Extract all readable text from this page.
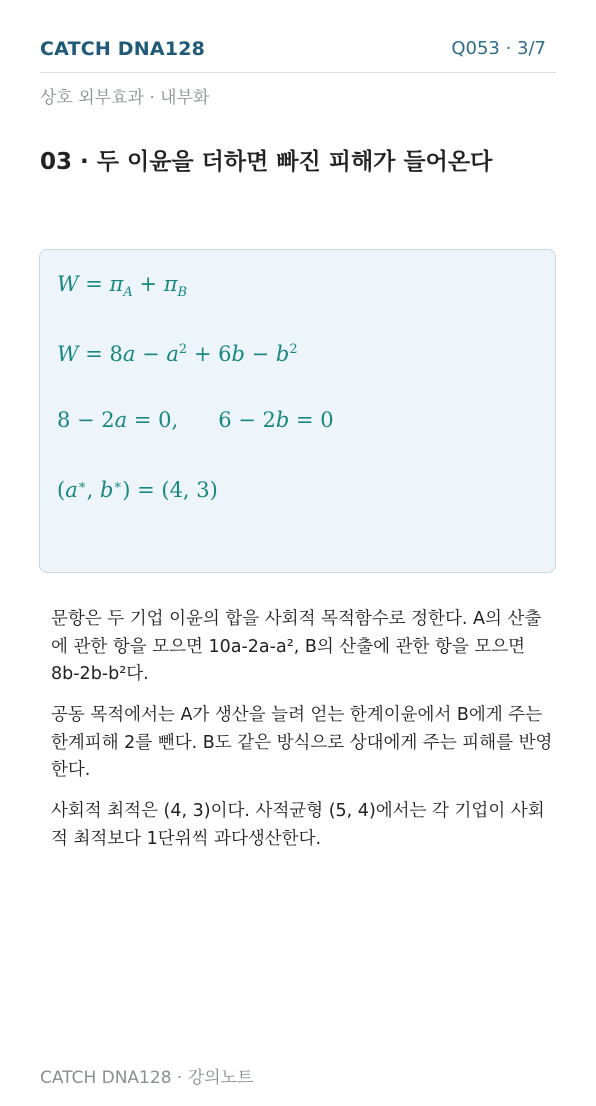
CATCH DNA128	Q053 · 3/7
상호 외부효과 · 내부화
03 · 두 이윤을 더하면 빠진 피해가 들어온다
$W = \pi_A + \pi_B$
$W = 8a - a^2 + 6b - b^2$
8 − 2a = 0,      6 − 2b = 0
(a∗, b∗) = (4, 3)
문항은 두 기업 이윤의 합을 사회적 목적함수로 정한다. A의 산출에 관한 항을 모으면 10a-2a-a², B의 산출에 관한 항을 모으면 8b-2b-b²다.
공동 목적에서는 A가 생산을 늘려 얻는 한계이윤에서 B에게 주는 한계피해 2를 뺀다. B도 같은 방식으로 상대에게 주는 피해를 반영한다.
사회적 최적은 (4, 3)이다. 사적균형 (5, 4)에서는 각 기업이 사회적 최적보다 1단위씩 과다생산한다.
CATCH DNA128 · 강의노트
